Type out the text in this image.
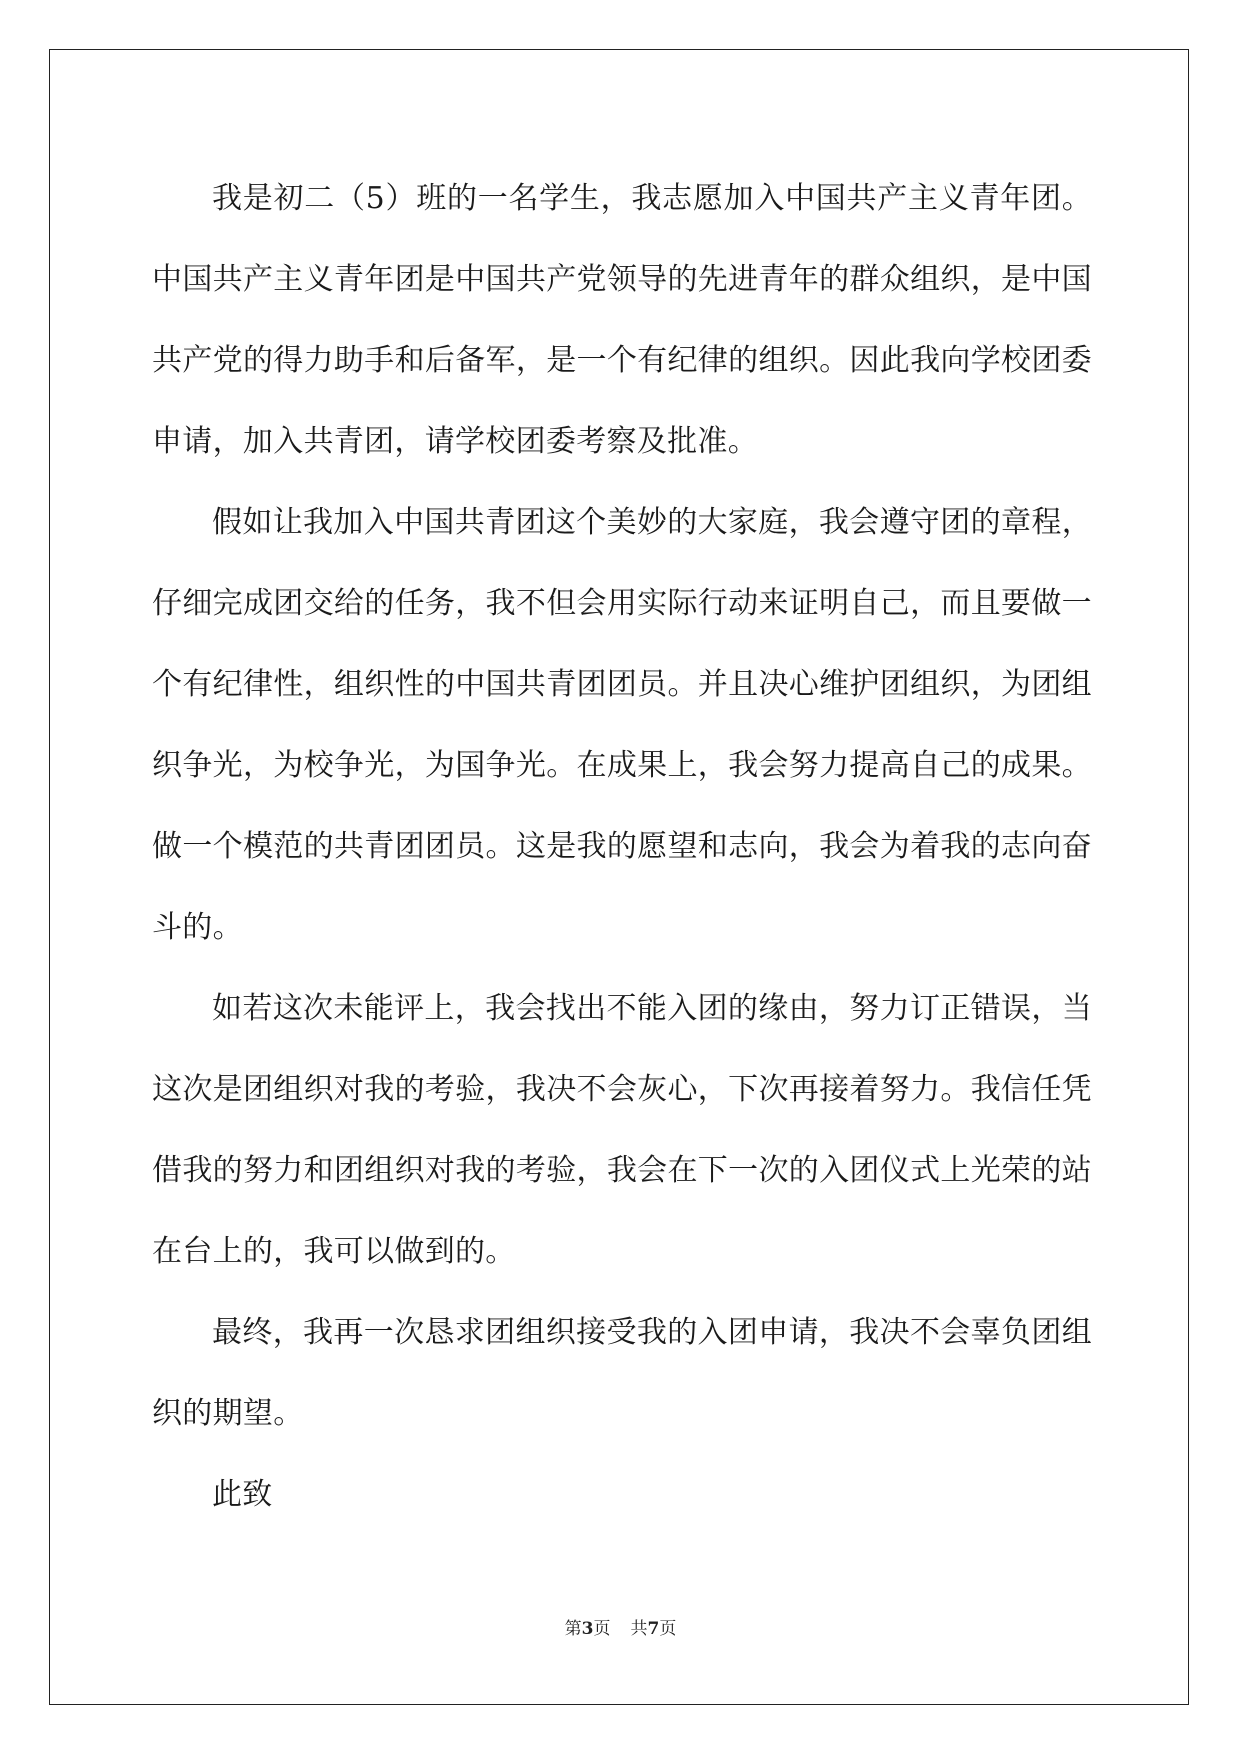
我是初二（5）班的一名学生，我志愿加入中国共产主义青年团。中国共产主义青年团是中国共产党领导的先进青年的群众组织，是中国共产党的得力助手和后备军，是一个有纪律的组织。因此我向学校团委申请，加入共青团，请学校团委考察及批准。

假如让我加入中国共青团这个美妙的大家庭，我会遵守团的章程，仔细完成团交给的任务，我不但会用实际行动来证明自己，而且要做一个有纪律性，组织性的中国共青团团员。并且决心维护团组织，为团组织争光，为校争光，为国争光。在成果上，我会努力提高自己的成果。做一个模范的共青团团员。这是我的愿望和志向，我会为着我的志向奋斗的。

如若这次未能评上，我会找出不能入团的缘由，努力订正错误，当这次是团组织对我的考验，我决不会灰心，下次再接着努力。我信任凭借我的努力和团组织对我的考验，我会在下一次的入团仪式上光荣的站在台上的，我可以做到的。

最终，我再一次恳求团组织接受我的入团申请，我决不会辜负团组织的期望。

此致

第3页 共7页
